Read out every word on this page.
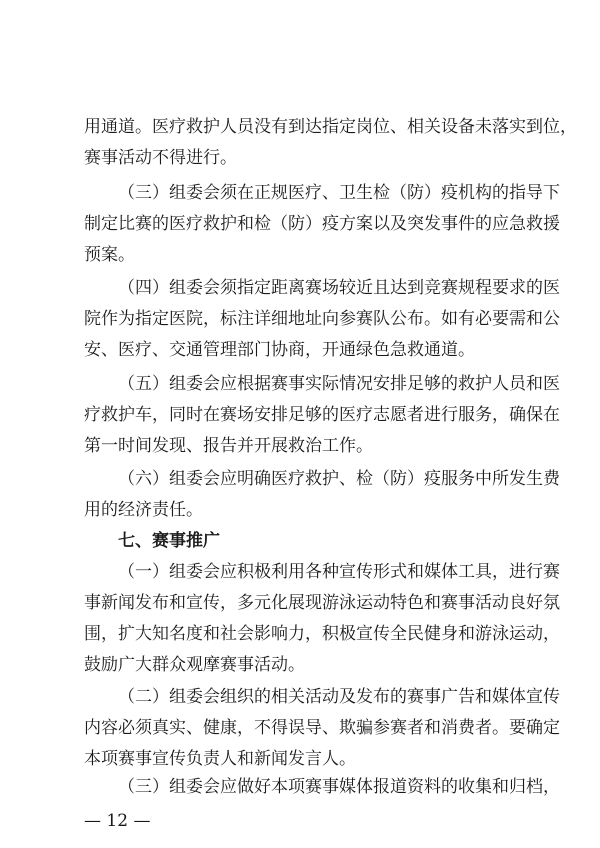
用通道。医疗救护人员没有到达指定岗位、相关设备未落实到位，
赛事活动不得进行。
（三）组委会须在正规医疗、卫生检（防）疫机构的指导下
制定比赛的医疗救护和检（防）疫方案以及突发事件的应急救援
预案。
（四）组委会须指定距离赛场较近且达到竞赛规程要求的医
院作为指定医院，标注详细地址向参赛队公布。如有必要需和公
安、医疗、交通管理部门协商，开通绿色急救通道。
（五）组委会应根据赛事实际情况安排足够的救护人员和医
疗救护车，同时在赛场安排足够的医疗志愿者进行服务，确保在
第一时间发现、报告并开展救治工作。
（六）组委会应明确医疗救护、检（防）疫服务中所发生费
用的经济责任。
七、赛事推广
（一）组委会应积极利用各种宣传形式和媒体工具，进行赛
事新闻发布和宣传，多元化展现游泳运动特色和赛事活动良好氛
围，扩大知名度和社会影响力，积极宣传全民健身和游泳运动，
鼓励广大群众观摩赛事活动。
（二）组委会组织的相关活动及发布的赛事广告和媒体宣传
内容必须真实、健康，不得误导、欺骗参赛者和消费者。要确定
本项赛事宣传负责人和新闻发言人。
（三）组委会应做好本项赛事媒体报道资料的收集和归档，
— 12 —
